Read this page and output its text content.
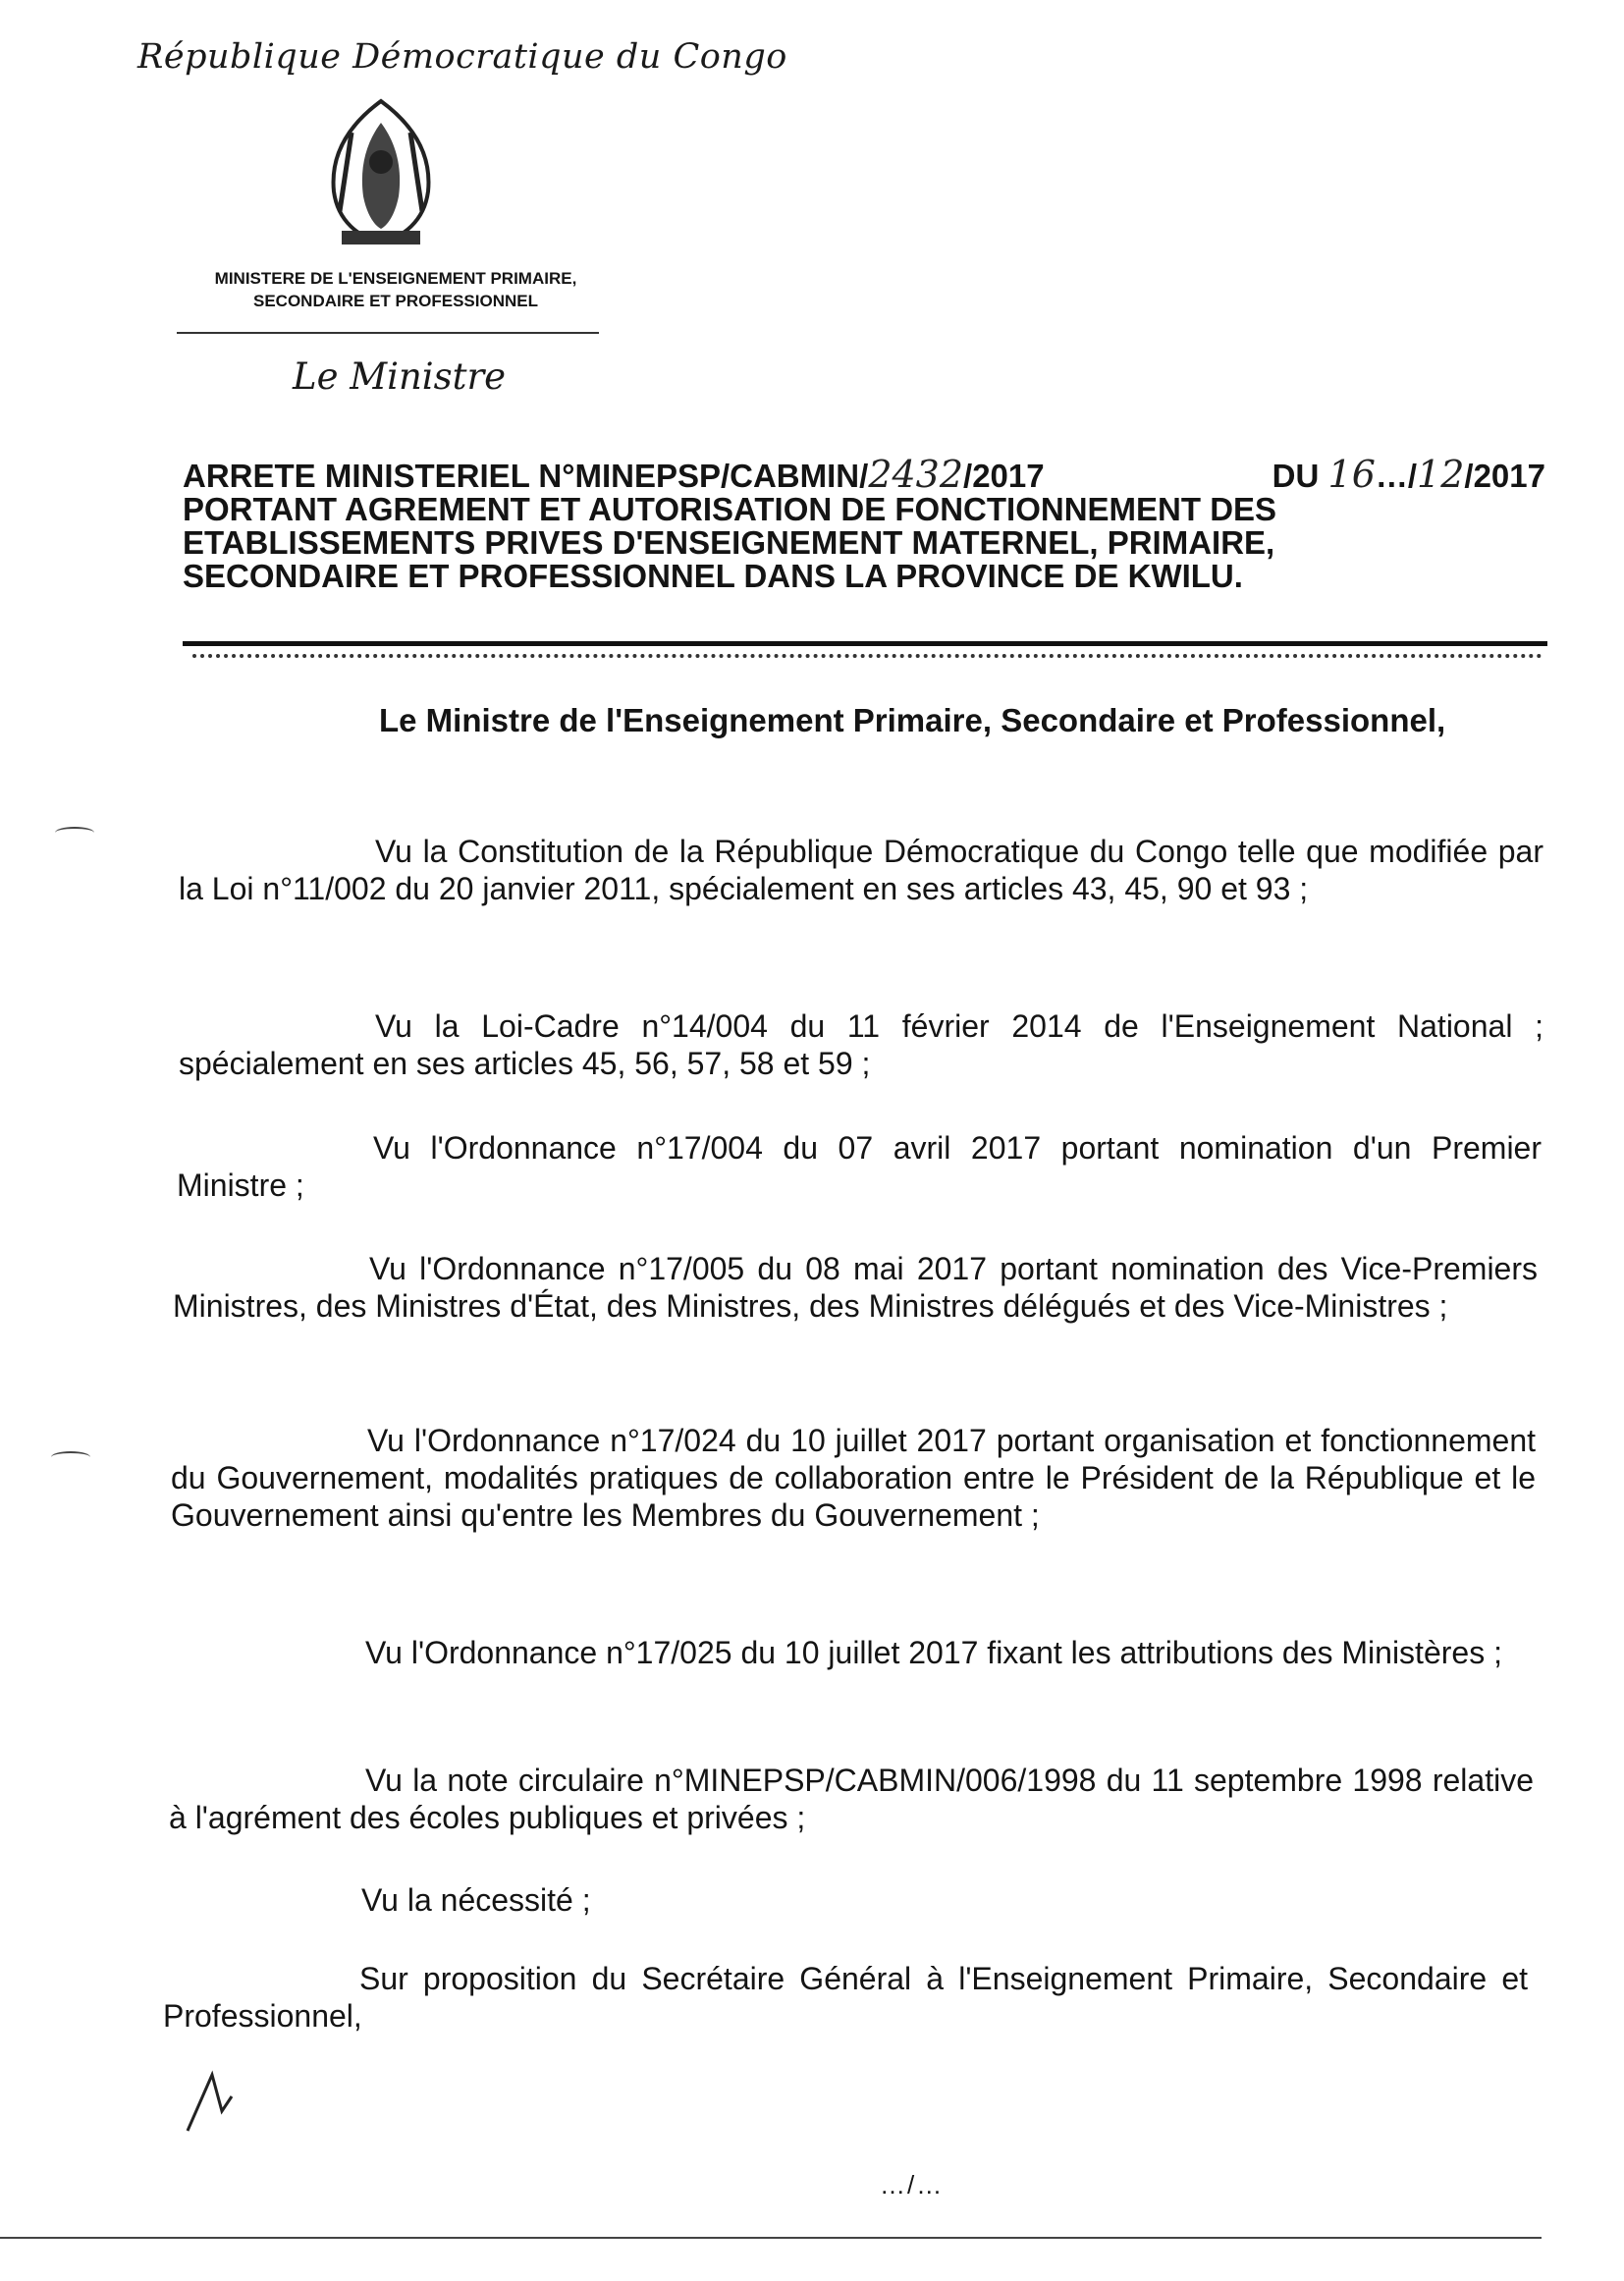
République Démocratique du Congo
MINISTERE DE L'ENSEIGNEMENT PRIMAIRE,
SECONDAIRE ET PROFESSIONNEL
Le Ministre
ARRETE MINISTERIEL N°MINEPSP/CABMIN/2432/2017	DU 16…/12/2017
PORTANT AGREMENT ET AUTORISATION DE FONCTIONNEMENT DES
ETABLISSEMENTS PRIVES D'ENSEIGNEMENT MATERNEL, PRIMAIRE,
SECONDAIRE ET PROFESSIONNEL DANS LA PROVINCE DE KWILU.
Le Ministre de l'Enseignement Primaire, Secondaire et Professionnel,
Vu la Constitution de la République Démocratique du Congo telle que modifiée par la Loi n°11/002 du 20 janvier 2011, spécialement en ses articles 43, 45, 90 et 93 ;
Vu la Loi-Cadre n°14/004 du 11 février 2014 de l'Enseignement National ; spécialement en ses articles 45, 56, 57, 58 et 59 ;
Vu l'Ordonnance n°17/004 du 07 avril 2017 portant nomination d'un Premier Ministre ;
Vu l'Ordonnance n°17/005 du 08 mai 2017 portant nomination des Vice-Premiers Ministres, des Ministres d'État, des Ministres, des Ministres délégués et des Vice-Ministres ;
Vu l'Ordonnance n°17/024 du 10 juillet 2017 portant organisation et fonctionnement du Gouvernement, modalités pratiques de collaboration entre le Président de la République et le Gouvernement ainsi qu'entre les Membres du Gouvernement ;
Vu l'Ordonnance n°17/025 du 10 juillet 2017 fixant les attributions des Ministères ;
Vu la note circulaire n°MINEPSP/CABMIN/006/1998 du 11 septembre 1998 relative à l'agrément des écoles publiques et privées ;
Vu la nécessité ;
Sur proposition du Secrétaire Général à l'Enseignement Primaire, Secondaire et Professionnel,
…/…
